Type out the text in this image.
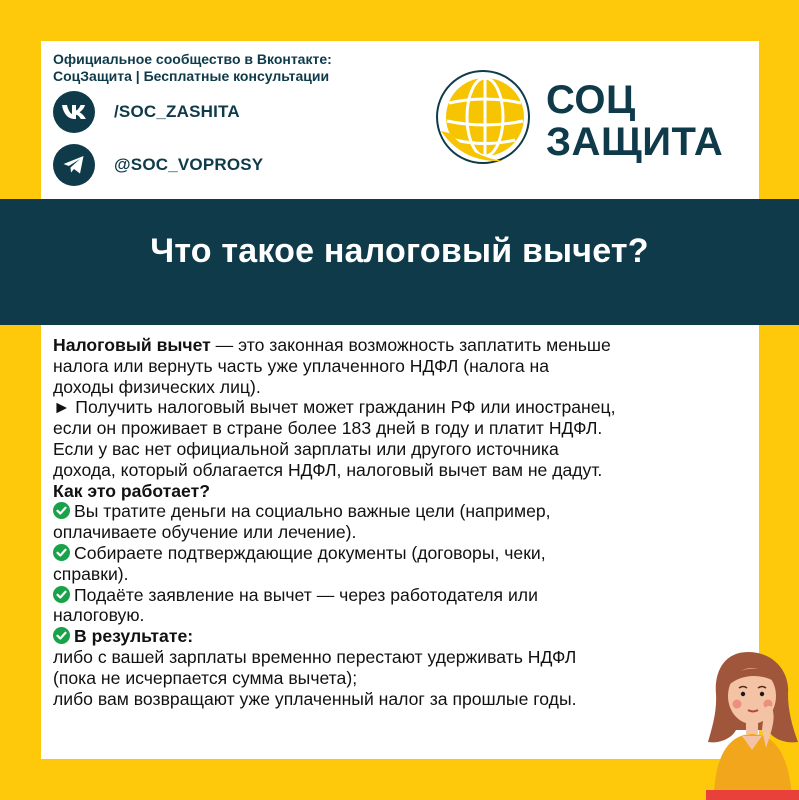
Официальное сообщество в Вконтакте:
СоцЗащита | Бесплатные консультации
/SOC_ZASHITA
@SOC_VOPROSY
СОЦ
ЗАЩИТА
Что такое налоговый вычет?
Налоговый вычет — это законная возможность заплатить меньше
налога или вернуть часть уже уплаченного НДФЛ (налога на
доходы физических лиц).
► Получить налоговый вычет может гражданин РФ или иностранец,
если он проживает в стране более 183 дней в году и платит НДФЛ.
Если у вас нет официальной зарплаты или другого источника
дохода, который облагается НДФЛ, налоговый вычет вам не дадут.
Как это работает?
Вы тратите деньги на социально важные цели (например,
оплачиваете обучение или лечение).
Собираете подтверждающие документы (договоры, чеки,
справки).
Подаёте заявление на вычет — через работодателя или
налоговую.
В результате:
либо с вашей зарплаты временно перестают удерживать НДФЛ
(пока не исчерпается сумма вычета);
либо вам возвращают уже уплаченный налог за прошлые годы.
